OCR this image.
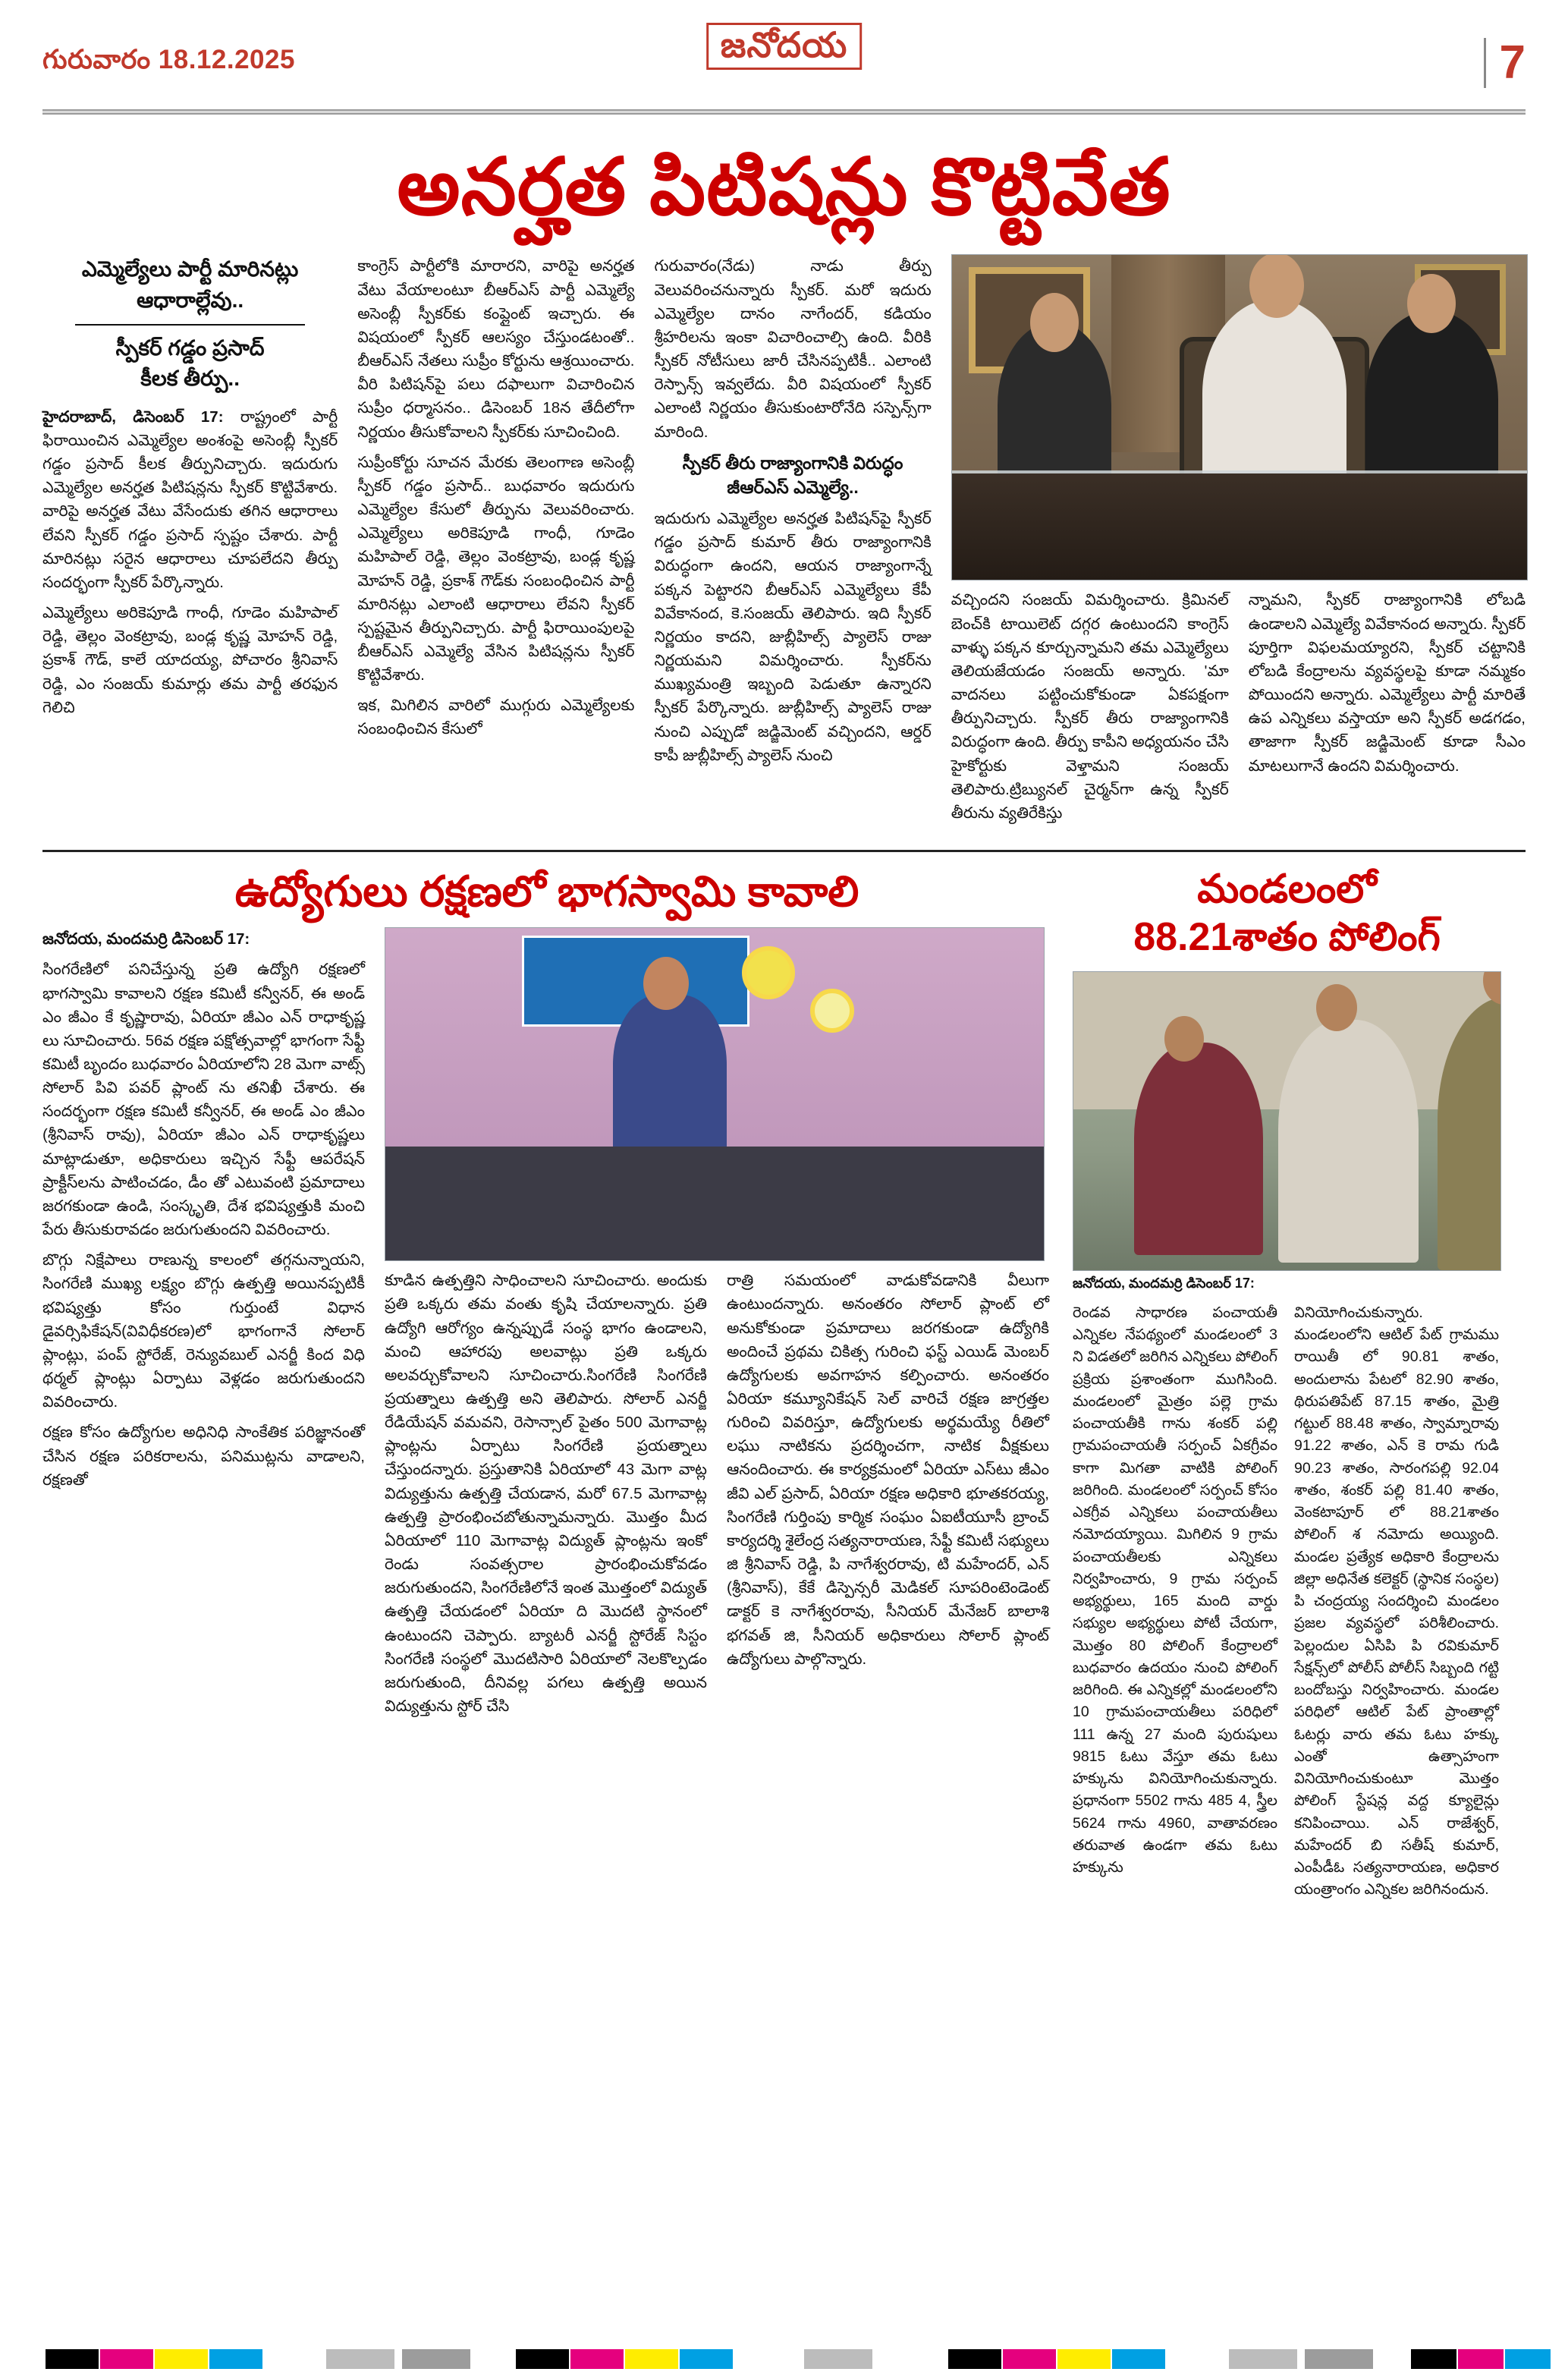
గురువారం 18.12.2025	జనోదయ	7
అనర్హత పిటిషన్లు కొట్టివేత
ఎమ్మెల్యేలు పార్టీ మారినట్లు
ఆధారాల్లేవు..
స్పీకర్ గడ్డం ప్రసాద్
కీలక తీర్పు..

హైదరాబాద్, డిసెంబర్ 17: రాష్ట్రంలో పార్టీ ఫిరాయించిన ఎమ్మెల్యేల అంశంపై అసెంబ్లీ స్పీకర్ గడ్డం ప్రసాద్ కీలక తీర్పునిచ్చారు. ఇదురుగు ఎమ్మెల్యేల అనర్హత పిటిషన్లను స్పీకర్ కొట్టివేశారు. వారిపై అనర్హత వేటు వేసేందుకు తగిన ఆధారాలు లేవని స్పీకర్ గడ్డం ప్రసాద్ స్పష్టం చేశారు. పార్టీ మారినట్లు సరైన ఆధారాలు చూపలేదని తీర్పు సందర్భంగా స్పీకర్ పేర్కొన్నారు.

ఎమ్మెల్యేలు అరికెపూడి గాంధీ, గూడెం మహిపాల్ రెడ్డి, తెల్లం వెంకట్రావు, బండ్ల కృష్ణ మోహన్ రెడ్డి, ప్రకాశ్ గౌడ్, కాలే యాదయ్య, పోచారం శ్రీనివాస్ రెడ్డి, ఎం సంజయ్ కుమార్లు తమ పార్టీ తరఫున గెలిచి

కాంగ్రెస్ పార్టీలోకి మారారని, వారిపై అనర్హత వేటు వేయాలంటూ బీఆర్ఎస్ పార్టీ ఎమ్మెల్యే అసెంబ్లీ స్పీకర్‌కు కంప్లైంట్ ఇచ్చారు. ఈ విషయంలో స్పీకర్ ఆలస్యం చేస్తుండటంతో.. బీఆర్ఎస్ నేతలు సుప్రీం కోర్టును ఆశ్రయించారు. వీరి పిటిషన్‌పై పలు దఫాలుగా విచారించిన సుప్రీం ధర్మాసనం.. డిసెంబర్ 18న తేదీలోగా నిర్ణయం తీసుకోవాలని స్పీకర్‌కు సూచించింది.

సుప్రీంకోర్టు సూచన మేరకు తెలంగాణ అసెంబ్లీ స్పీకర్ గడ్డం ప్రసాద్.. బుధవారం ఇదురుగు ఎమ్మెల్యేల కేసులో తీర్పును వెలువరించారు. ఎమ్మెల్యేలు అరికెపూడి గాంధీ, గూడెం మహిపాల్ రెడ్డి, తెల్లం వెంకట్రావు, బండ్ల కృష్ణ మోహన్ రెడ్డి, ప్రకాశ్ గౌడ్‌కు సంబంధించిన పార్టీ మారినట్లు ఎలాంటి ఆధారాలు లేవని స్పీకర్ స్పష్టమైన తీర్పునిచ్చారు. పార్టీ ఫిరాయింపులపై బీఆర్ఎస్ ఎమ్మెల్యే వేసిన పిటిషన్లను స్పీకర్ కొట్టివేశారు.

ఇక, మిగిలిన వారిలో ముగ్గురు ఎమ్మెల్యేలకు సంబంధించిన కేసులో

గురువారం(నేడు) నాడు తీర్పు వెలువరించనున్నారు స్పీకర్. మరో ఇదురు ఎమ్మెల్యేల దానం నాగేందర్, కడియం శ్రీహరిలను ఇంకా విచారించాల్సి ఉంది. వీరికి స్పీకర్ నోటీసులు జారీ చేసినప్పటికీ.. ఎలాంటి రెస్పాన్స్ ఇవ్వలేదు. వీరి విషయంలో స్పీకర్ ఎలాంటి నిర్ణయం తీసుకుంటారోనేది సస్పెన్స్‌గా మారింది.

స్పీకర్ తీరు రాజ్యాంగానికి విరుద్ధం
జీఆర్ఎస్ ఎమ్మెల్యే..

ఇదురుగు ఎమ్మెల్యేల అనర్హత పిటిషన్‌పై స్పీకర్ గడ్డం ప్రసాద్ కుమార్ తీరు రాజ్యాంగానికి విరుద్ధంగా ఉందని, ఆయన రాజ్యాంగాన్నే పక్కన పెట్టారని బీఆర్ఎస్ ఎమ్మెల్యేలు కేపీ వివేకానంద, కె.సంజయ్ తెలిపారు. ఇది స్పీకర్ నిర్ణయం కాదని, జుబ్లీహిల్స్ ప్యాలెస్ రాజు నిర్ణయమని విమర్శించారు. స్పీకర్‌ను ముఖ్యమంత్రి ఇబ్బంది పెడుతూ ఉన్నారని స్పీకర్ పేర్కొన్నారు. జుబ్లీహిల్స్ ప్యాలెస్ రాజు నుంచి ఎప్పుడో జడ్జిమెంట్ వచ్చిందని, ఆర్డర్ కాపీ జుబ్లీహిల్స్ ప్యాలెస్ నుంచి

వచ్చిందని సంజయ్ విమర్శించారు. క్రిమినల్ బెంచ్‌కి టాయిలెట్ దగ్గర ఉంటుందని కాంగ్రెస్ వాళ్ళు పక్కన కూర్చున్నామని తమ ఎమ్మెల్యేలు తెలియజేయడం సంజయ్ అన్నారు. 'మా వాదనలు పట్టించుకోకుండా ఏకపక్షంగా తీర్పునిచ్చారు. స్పీకర్ తీరు రాజ్యాంగానికి విరుద్ధంగా ఉంది. తీర్పు కాపీని అధ్యయనం చేసి హైకోర్టుకు వెళ్తామని సంజయ్ తెలిపారు.ట్రిబ్యునల్ చైర్మన్‌గా ఉన్న స్పీకర్ తీరును వ్యతిరేకిస్తు

న్నామని, స్పీకర్ రాజ్యాంగానికి లోబడి ఉండాలని ఎమ్మెల్యే వివేకానంద అన్నారు. స్పీకర్ పూర్తిగా విఫలమయ్యారని, స్పీకర్ చట్టానికి లోబడి కేంద్రాలను వ్యవస్థలపై కూడా నమ్మకం పోయిందని అన్నారు. ఎమ్మెల్యేలు పార్టీ మారితే ఉప ఎన్నికలు వస్తాయా అని స్పీకర్ అడగడం, తాజాగా స్పీకర్ జడ్జిమెంట్ కూడా సీఎం మాటలుగానే ఉందని విమర్శించారు.

ఉద్యోగులు రక్షణలో భాగస్వామి కావాలి

జనోదయ, మందమర్రి డిసెంబర్ 17:

సింగరేణిలో పనిచేస్తున్న ప్రతి ఉద్యోగి రక్షణలో భాగస్వామి కావాలని రక్షణ కమిటీ కన్వీనర్, ఈ అండ్ ఎం జీఎం కే కృష్ణారావు, ఏరియా జీఎం ఎన్ రాధాకృష్ణ లు సూచించారు. 56వ రక్షణ పక్షోత్సవాల్లో భాగంగా సేఫ్టీ కమిటీ బృందం బుధవారం ఏరియాలోని 28 మెగా వాట్స్ సోలార్ పివి పవర్ ప్లాంట్ ను తనిఖీ చేశారు. ఈ సందర్భంగా రక్షణ కమిటీ కన్వీనర్, ఈ అండ్ ఎం జీఎం (శ్రీనివాస్ రావు), ఏరియా జీఎం ఎన్ రాధాకృష్ణలు మాట్లాడుతూ, అధికారులు ఇచ్చిన సేఫ్టీ ఆపరేషన్ ప్రాక్టీస్‌లను పాటించడం, డీం తో ఎటువంటి ప్రమాదాలు జరగకుండా ఉండి, సంస్కృతి, దేశ భవిష్యత్తుకి మంచి పేరు తీసుకురావడం జరుగుతుందని వివరించారు.

బొగ్గు నిక్షేపాలు రాణున్న కాలంలో తగ్గనున్నాయని, సింగరేణి ముఖ్య లక్ష్యం బొగ్గు ఉత్పత్తి అయినప్పటికీ భవిష్యత్తు కోసం గుర్తుంటే విధాన డైవర్సిఫికేషన్(వివిధీకరణ)లో భాగంగానే సోలార్ ప్లాంట్లు, పంప్ స్టోరేజ్, రెన్యువబుల్ ఎనర్జీ కింద విధి థర్మల్ ప్లాంట్లు ఏర్పాటు వెళ్లడం జరుగుతుందని వివరించారు.

రక్షణ కోసం ఉద్యోగుల అధినిధి సాంకేతిక పరిజ్ఞానంతో చేసిన రక్షణ పరికరాలను, పనిముట్లను వాడాలని, రక్షణతో

కూడిన ఉత్పత్తిని సాధించాలని సూచించారు. అందుకు ప్రతి ఒక్కరు తమ వంతు కృషి చేయాలన్నారు. ప్రతి ఉద్యోగి ఆరోగ్యం ఉన్నప్పుడే సంస్థ భాగం ఉండాలని, మంచి ఆహారపు అలవాట్లు ప్రతి ఒక్కరు అలవర్చుకోవాలని సూచించారు.సింగరేణి సింగరేణి ప్రయత్నాలు ఉత్పత్తి అని తెలిపారు. సోలార్ ఎనర్జీ రేడియేషన్ వమవని, రెసాన్సాల్ పైతం 500 మెగావాట్ల ప్లాంట్లను ఏర్పాటు సింగరేణి ప్రయత్నాలు చేస్తుందన్నారు. ప్రస్తుతానికి ఏరియాలో 43 మెగా వాట్ల విద్యుత్తును ఉత్పత్తి చేయడాన, మరో 67.5 మెగావాట్ల ఉత్పత్తి ప్రారంభించబోతున్నామన్నారు. మొత్తం మీద ఏరియాలో 110 మెగావాట్ల విద్యుత్ ప్లాంట్లను ఇంకో రెండు సంవత్సరాల ప్రారంభించుకోవడం జరుగుతుందని, సింగరేణిలోనే ఇంత మొత్తంలో విద్యుత్ ఉత్పత్తి చేయడంలో ఏరియా ది మొదటి స్థానంలో ఉంటుందని చెప్పారు. బ్యాటరీ ఎనర్జీ స్టోరేజ్ సిస్టం సింగరేణి సంస్థలో మొదటిసారి ఏరియాలో నెలకొల్పడం జరుగుతుంది, దీనివల్ల పగలు ఉత్పత్తి అయిన విద్యుత్తును స్టోర్ చేసి

రాత్రి సమయంలో వాడుకోవడానికి వీలుగా ఉంటుందన్నారు. అనంతరం సోలార్ ప్లాంట్ లో అనుకోకుండా ప్రమాదాలు జరగకుండా ఉద్యోగికి అందించే ప్రథమ చికిత్స గురించి ఫస్ట్ ఎయిడ్ మెంబర్ ఉద్యోగులకు అవగాహన కల్పించారు. అనంతరం ఏరియా కమ్యూనికేషన్ సెల్ వారిచే రక్షణ జాగ్రత్తల గురించి వివరిస్తూ, ఉద్యోగులకు అర్థమయ్యే రీతిలో లఘు నాటికను ప్రదర్శించగా, నాటిక వీక్షకులు ఆనందించారు. ఈ కార్యక్రమంలో ఏరియా ఎస్‌టు జీఎం జీవి ఎల్ ప్రసాద్, ఏరియా రక్షణ అధికారి భూతకరయ్య, సింగరేణి గుర్తింపు కార్మిక సంఘం ఏఐటీయూసీ బ్రాంచ్ కార్యదర్శి శైలేంద్ర సత్యనారాయణ, సేఫ్టీ కమిటీ సభ్యులు జి శ్రీనివాస్ రెడ్డి, పి నాగేశ్వరరావు, టి మహేందర్, ఎన్ (శ్రీనివాస్), కేకే డిస్పెన్సరీ మెడికల్ సూపరింటెండెంట్ డాక్టర్ కె నాగేశ్వరరావు, సీనియర్ మేనేజర్ బాలాశి భగవత్ జి, సీనియర్ అధికారులు సోలార్ ప్లాంట్ ఉద్యోగులు పాల్గొన్నారు.

మండలంలో
88.21శాతం పోలింగ్
జనోదయ, మందమర్రి డిసెంబర్ 17:

రెండవ సాధారణ పంచాయతీ ఎన్నికల నేపథ్యంలో మండలంలో 3 ని విడతలో జరిగిన ఎన్నికలు పోలింగ్ ప్రక్రియ ప్రశాంతంగా ముగిసింది. మండలంలో మైత్రం పల్లె గ్రామ పంచాయతీకి గాను శంకర్ పల్లి గ్రామపంచాయతీ సర్పంచ్ ఏకగ్రీవం కాగా మిగతా వాటికి పోలింగ్ జరిగింది. మండలంలో సర్పంచ్ కోసం ఎకగ్రీవ ఎన్నికలు పంచాయతీలు నమోదయ్యాయి. మిగిలిన 9 గ్రామ పంచాయతీలకు ఎన్నికలు నిర్వహించారు, 9 గ్రామ సర్పంచ్ అభ్యర్థులు, 165 మంది వార్డు సభ్యుల అభ్యర్థులు పోటీ చేయగా, మొత్తం 80 పోలింగ్ కేంద్రాలలో బుధవారం ఉదయం నుంచి పోలింగ్ జరిగింది. ఈ ఎన్నికల్లో మండలంలోని 10 గ్రామపంచాయతీలు పరిధిలో 111 ఉన్న 27 మంది పురుషులు 9815 ఓటు వేస్తూ తమ ఓటు హక్కును వినియోగించుకున్నారు. ప్రధానంగా 5502 గాను 485 4, స్త్రీల 5624 గాను 4960, వాతావరణం తరువాత ఉండగా తమ ఓటు హక్కును

వినియోగించుకున్నారు. మండలంలోని ఆటిల్ పేట్ గ్రామము రాయితీ లో 90.81 శాతం, అందులాను పేటలో 82.90 శాతం, థిరుపతిపేట్ 87.15 శాతం, మైత్రి గట్టుల్ 88.48 శాతం, స్వామ్నారావు 91.22 శాతం, ఎన్ కె రామ గుడి 90.23 శాతం, సారంగపల్లి 92.04 శాతం, శంకర్ పల్లి 81.40 శాతం, వెంకటాపూర్ లో 88.21శాతం పోలింగ్ శ నమోదు అయ్యింది. మండల ప్రత్యేక అధికారి కేంద్రాలను జిల్లా అధినేత కలెక్టర్ (స్థానిక సంస్థల) పి చంద్రయ్య సందర్శించి మండలం ప్రజల వ్యవస్థలో పరిశీలించారు. పెల్లందుల ఏసిపి పి రవికుమార్ సేక్షన్స్‌లో పోలీస్ పోలీస్ సిబ్బంది గట్టి బందోబస్తు నిర్వహించారు. మండల పరిధిలో ఆటిల్ పేట్ ప్రాంతాల్లో ఓటర్లు వారు తమ ఓటు హక్కు ఎంతో ఉత్సాహంగా వినియోగించుకుంటూ మొత్తం పోలింగ్ స్టేషన్ల వద్ద క్యూలైన్లు కనిపించాయి. ఎన్ రాజేశ్వర్, మహేందర్ బి సతీష్ కుమార్, ఎంపీడీఓ సత్యనారాయణ, అధికార యంత్రాంగం ఎన్నికల జరిగినందున.
